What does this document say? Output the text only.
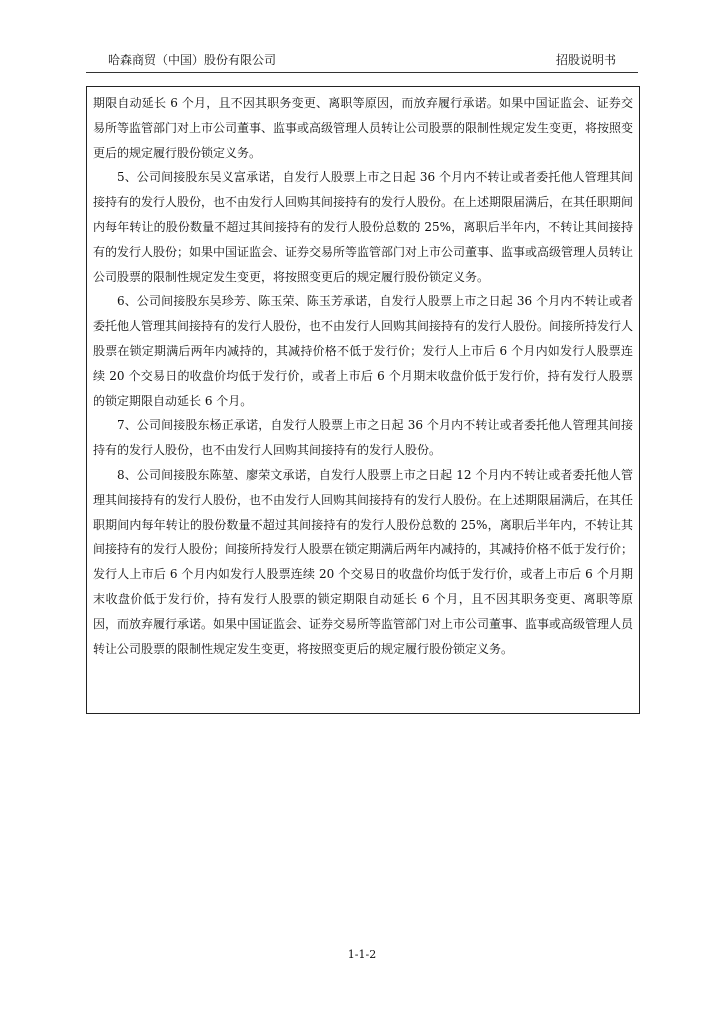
哈森商贸（中国）股份有限公司	招股说明书

期限自动延长 6 个月，且不因其职务变更、离职等原因，而放弃履行承诺。如果中国证监会、证券交易所等监管部门对上市公司董事、监事或高级管理人员转让公司股票的限制性规定发生变更，将按照变更后的规定履行股份锁定义务。

5、公司间接股东吴义富承诺，自发行人股票上市之日起 36 个月内不转让或者委托他人管理其间接持有的发行人股份，也不由发行人回购其间接持有的发行人股份。在上述期限届满后，在其任职期间内每年转让的股份数量不超过其间接持有的发行人股份总数的 25%，离职后半年内，不转让其间接持有的发行人股份；如果中国证监会、证券交易所等监管部门对上市公司董事、监事或高级管理人员转让公司股票的限制性规定发生变更，将按照变更后的规定履行股份锁定义务。

6、公司间接股东吴珍芳、陈玉荣、陈玉芳承诺，自发行人股票上市之日起 36 个月内不转让或者委托他人管理其间接持有的发行人股份，也不由发行人回购其间接持有的发行人股份。间接所持发行人股票在锁定期满后两年内减持的，其减持价格不低于发行价；发行人上市后 6 个月内如发行人股票连续 20 个交易日的收盘价均低于发行价，或者上市后 6 个月期末收盘价低于发行价，持有发行人股票的锁定期限自动延长 6 个月。

7、公司间接股东杨正承诺，自发行人股票上市之日起 36 个月内不转让或者委托他人管理其间接持有的发行人股份，也不由发行人回购其间接持有的发行人股份。

8、公司间接股东陈堃、廖荣文承诺，自发行人股票上市之日起 12 个月内不转让或者委托他人管理其间接持有的发行人股份，也不由发行人回购其间接持有的发行人股份。在上述期限届满后，在其任职期间内每年转让的股份数量不超过其间接持有的发行人股份总数的 25%，离职后半年内，不转让其间接持有的发行人股份；间接所持发行人股票在锁定期满后两年内减持的，其减持价格不低于发行价；发行人上市后 6 个月内如发行人股票连续 20 个交易日的收盘价均低于发行价，或者上市后 6 个月期末收盘价低于发行价，持有发行人股票的锁定期限自动延长 6 个月，且不因其职务变更、离职等原因，而放弃履行承诺。如果中国证监会、证券交易所等监管部门对上市公司董事、监事或高级管理人员转让公司股票的限制性规定发生变更，将按照变更后的规定履行股份锁定义务。

1-1-2
